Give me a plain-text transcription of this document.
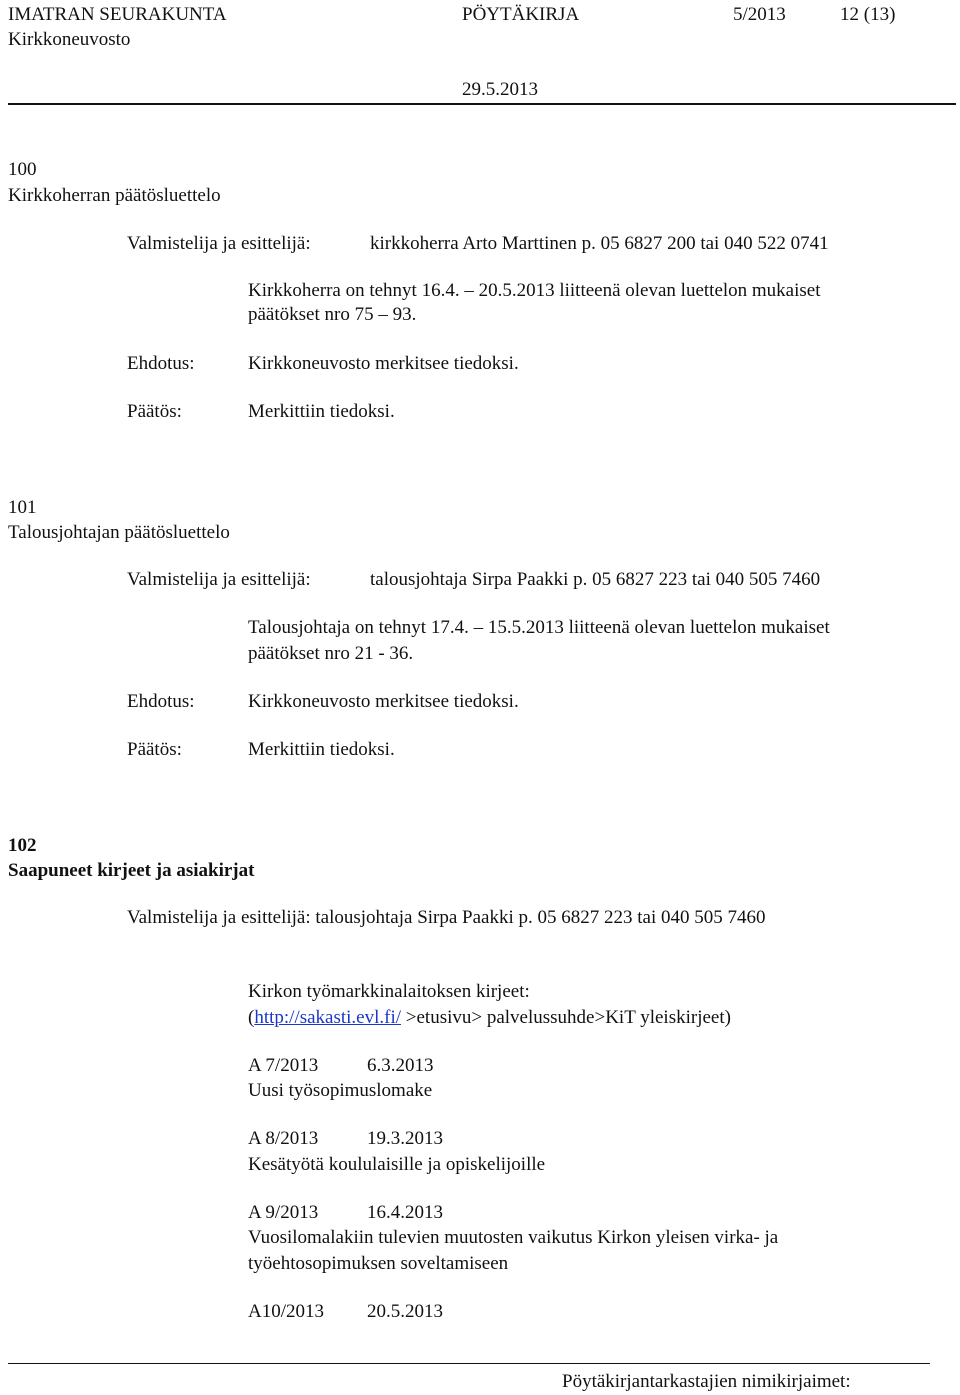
IMATRAN SEURAKUNTA	PÖYTÄKIRJA	5/2013	12 (13)
Kirkkoneuvosto
29.5.2013
100
Kirkkoherran päätösluettelo
Valmistelija ja esittelijä:	kirkkoherra Arto Marttinen p. 05 6827 200 tai 040 522 0741
Kirkkoherra on tehnyt 16.4. – 20.5.2013 liitteenä olevan luettelon mukaiset
päätökset nro 75 – 93.
Ehdotus:	Kirkkoneuvosto merkitsee tiedoksi.
Päätös:	Merkittiin tiedoksi.
101
Talousjohtajan päätösluettelo
Valmistelija ja esittelijä:	talousjohtaja Sirpa Paakki p. 05 6827 223 tai 040 505 7460
Talousjohtaja on tehnyt 17.4. – 15.5.2013 liitteenä olevan luettelon mukaiset
päätökset nro 21 - 36.
Ehdotus:	Kirkkoneuvosto merkitsee tiedoksi.
Päätös:	Merkittiin tiedoksi.
102
Saapuneet kirjeet ja asiakirjat
Valmistelija ja esittelijä: talousjohtaja Sirpa Paakki p. 05 6827 223 tai 040 505 7460
Kirkon työmarkkinalaitoksen kirjeet:
(http://sakasti.evl.fi/ >etusivu> palvelussuhde>KiT yleiskirjeet)
A 7/2013	6.3.2013
Uusi työsopimuslomake
A 8/2013	19.3.2013
Kesätyötä koululaisille ja opiskelijoille
A 9/2013	16.4.2013
Vuosilomalakiin tulevien muutosten vaikutus Kirkon yleisen virka- ja
työehtosopimuksen soveltamiseen
A10/2013 20.5.2013
Pöytäkirjantarkastajien nimikirjaimet:
